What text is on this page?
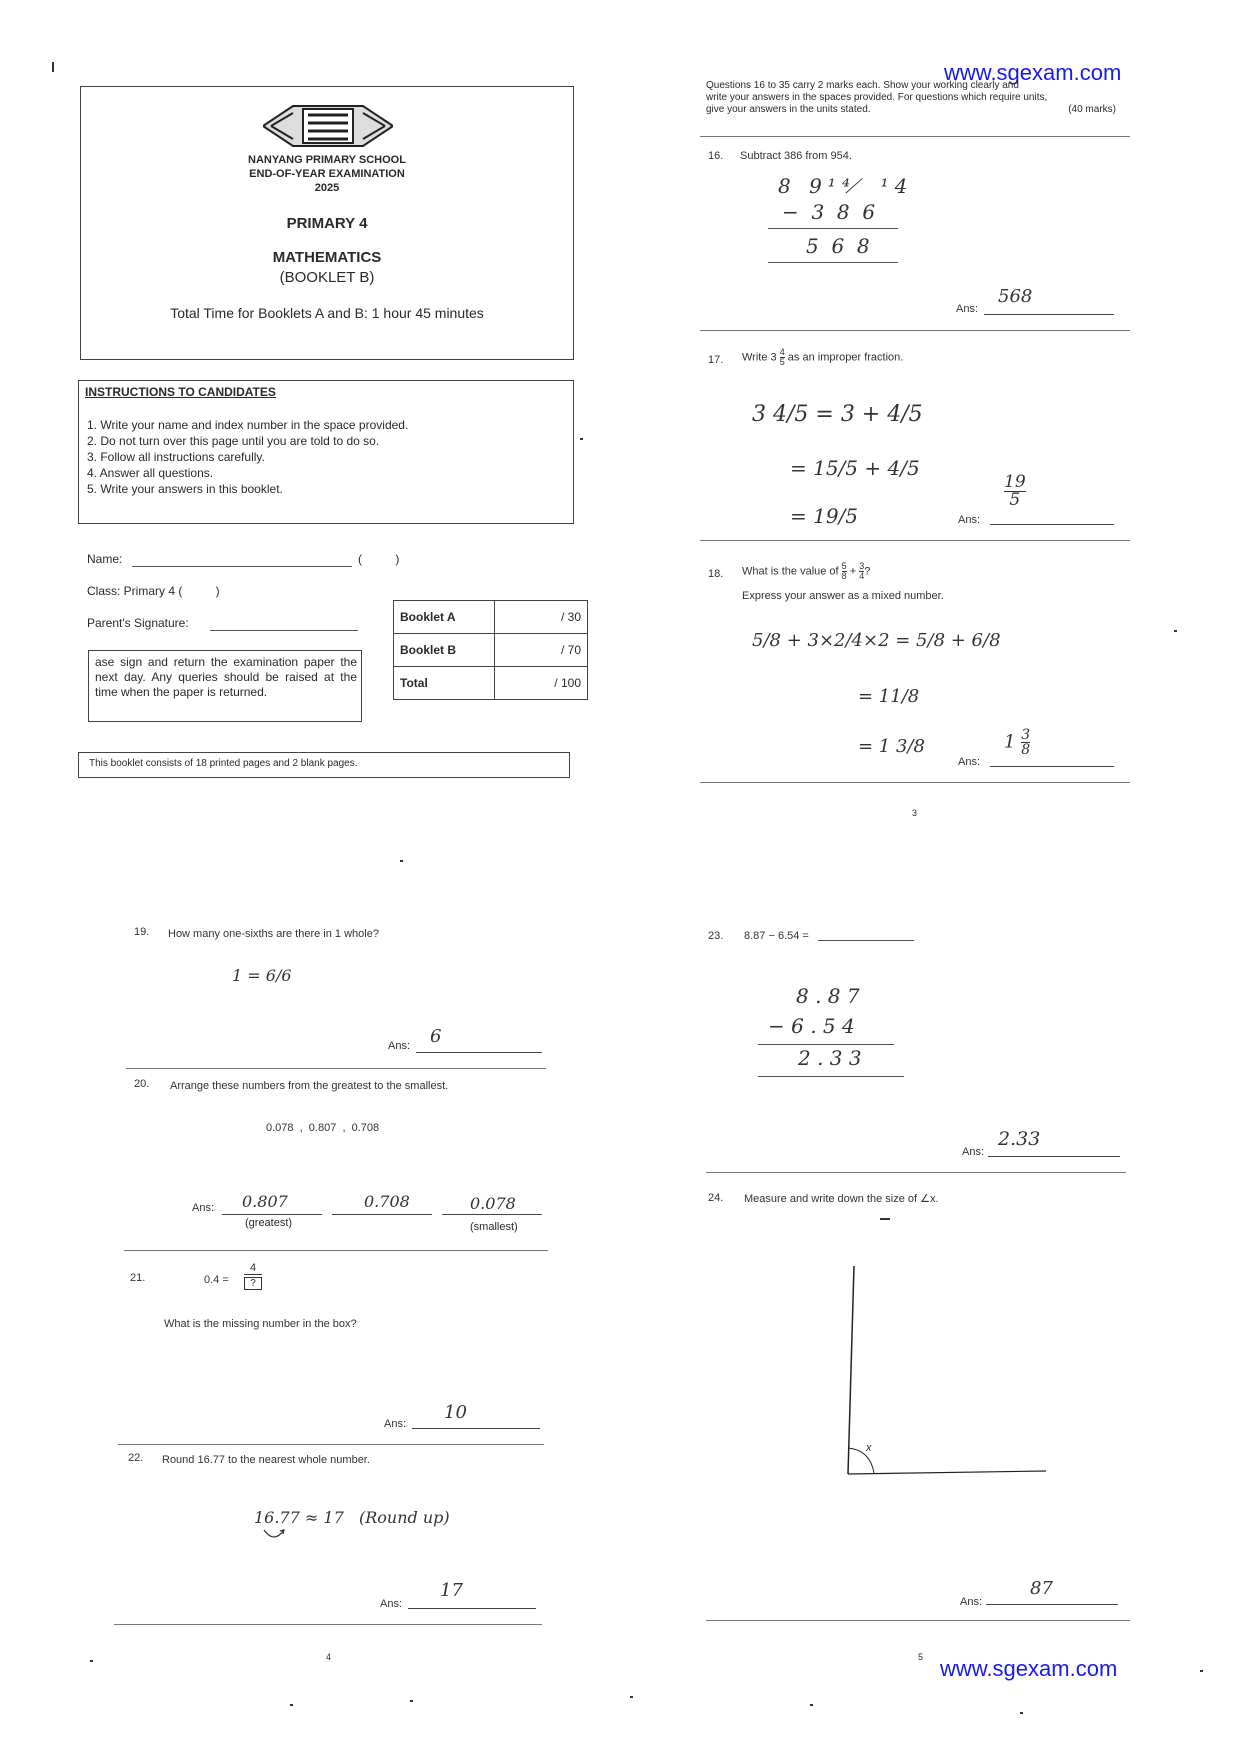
NANYANG PRIMARY SCHOOL
END-OF-YEAR EXAMINATION
2025
PRIMARY 4
MATHEMATICS
(BOOKLET B)
Total Time for Booklets A and B: 1 hour 45 minutes
INSTRUCTIONS TO CANDIDATES
1. Write your name and index number in the space provided.
2. Do not turn over this page until you are told to do so.
3. Follow all instructions carefully.
4. Answer all questions.
5. Write your answers in this booklet.
Name:	(          )
Class: Primary 4 (          )
Parent's Signature:
ase sign and return the examination paper the next day. Any queries should be raised at the time when the paper is returned.
Booklet A	/ 30
Booklet B	/ 70
Total	/ 100
This booklet consists of 18 printed pages and 2 blank pages.
www.sgexam.com
Questions 16 to 35 carry 2 marks each. Show your working clearly and
write your answers in the spaces provided. For questions which require units,
give your answers in the units stated.	(40 marks)
16. Subtract 386 from 954.
8 9¹⁴ ̸ ¹4
−  3  8  6
5  6  8
Ans:
568
17. Write $3 \frac{4}{5}$ as an improper fraction.
3 4/5 = 3 + 4/5
= 15/5 + 4/5
= 19/5	Ans:
$\frac{19}{5}$
18. What is the value of $\frac{5}{8} + \frac{3}{4}$ ?
Express your answer as a mixed number.
5/8 + 3×2/4×2 = 5/8 + 6/8
= 11/8
= 1 3/8
Ans:
$1 \frac{3}{8}$
3
19. How many one-sixths are there in 1 whole?
1 = 6/6
Ans: 6
20. Arrange these numbers from the greatest to the smallest.
0.078  ,  0.807  ,  0.708
Ans: 0.807	0.708	0.078
(greatest)	(smallest)
21.	0.4 =
4
?
What is the missing number in the box?
Ans:
10
22. Round 16.77 to the nearest whole number.
16.77 ≈ 17   (Round up)
Ans:
17
4
23. 8.87 − 6.54 =
8 . 8 7
− 6 . 5 4
2 . 3 3
Ans:
2.33
24. Measure and write down the size of ∠x.
x
Ans:
87
5 www.sgexam.com
